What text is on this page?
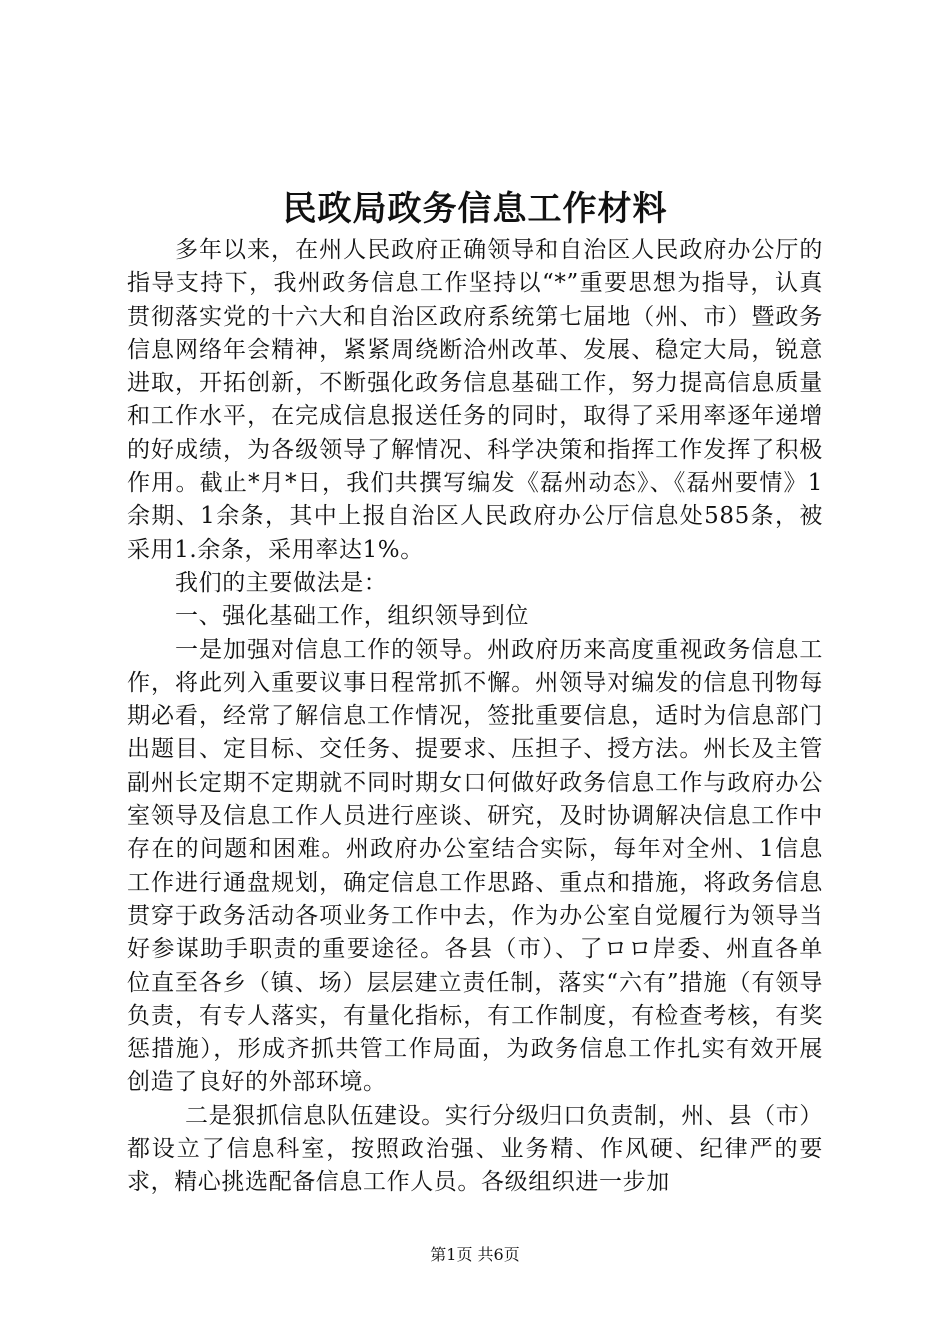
民政局政务信息工作材料

多年以来，在州人民政府正确领导和自治区人民政府办公厅的指导支持下，我州政务信息工作坚持以“*”重要思想为指导，认真贯彻落实党的十六大和自治区政府系统第七届地（州、市）暨政务信息网络年会精神，紧紧周绕断洽州改革、发展、稳定大局，锐意进取，开拓创新，不断强化政务信息基础工作，努力提高信息质量和工作水平，在完成信息报送任务的同时，取得了采用率逐年递增的好成绩，为各级领导了解情况、科学决策和指挥工作发挥了积极作用。截止*月*日，我们共撰写编发《磊州动态》、《磊州要情》1余期、1余条，其中上报自治区人民政府办公厅信息处585条，被采用1.余条，采用率达1%。

我们的主要做法是：

一、强化基础工作，组织领导到位

一是加强对信息工作的领导。州政府历来高度重视政务信息工作，将此列入重要议事日程常抓不懈。州领导对编发的信息刊物每期必看，经常了解信息工作情况，签批重要信息，适时为信息部门出题目、定目标、交任务、提要求、压担子、授方法。州长及主管副州长定期不定期就不同时期女口何做好政务信息工作与政府办公室领导及信息工作人员进行座谈、研究，及时协调解决信息工作中存在的问题和困难。州政府办公室结合实际，每年对全州、1信息工作进行通盘规划，确定信息工作思路、重点和措施，将政务信息贯穿于政务活动各项业务工作中去，作为办公室自觉履行为领导当好参谋助手职责的重要途径。各县（市）、了ロロ岸委、州直各单位直至各乡（镇、场）层层建立责任制，落实“六有”措施（有领导负责，有专人落实，有量化指标，有工作制度，有检查考核，有奖惩措施），形成齐抓共管工作局面，为政务信息工作扎实有效开展创造了良好的外部环境。

二是狠抓信息队伍建设。实行分级归口负责制，州、县（市）都设立了信息科室，按照政治强、业务精、作风硬、纪律严的要求，精心挑选配备信息工作人员。各级组织进一步加

第1页 共6页
